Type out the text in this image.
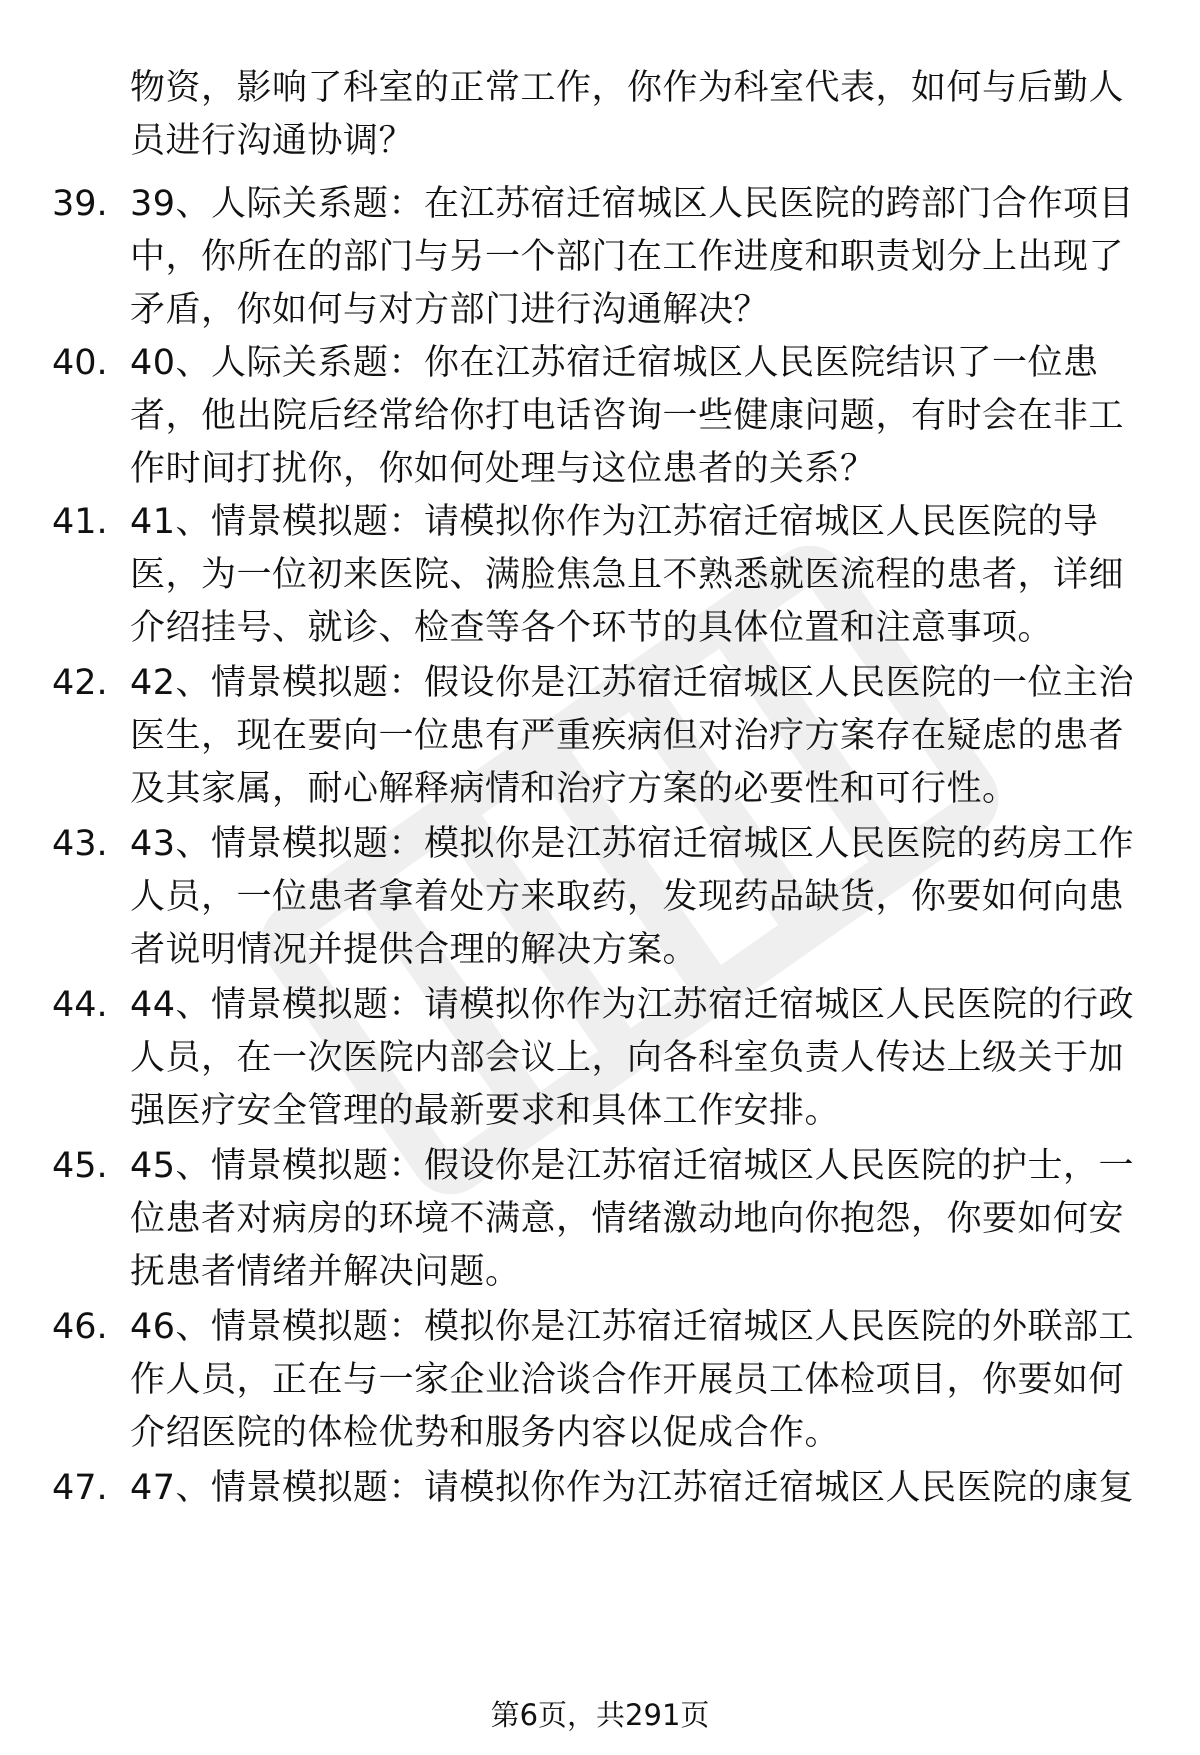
物资，影响了科室的正常工作，你作为科室代表，如何与后勤人员进行沟通协调？
39. 39、人际关系题：在江苏宿迁宿城区人民医院的跨部门合作项目中，你所在的部门与另一个部门在工作进度和职责划分上出现了矛盾，你如何与对方部门进行沟通解决？
40. 40、人际关系题：你在江苏宿迁宿城区人民医院结识了一位患者，他出院后经常给你打电话咨询一些健康问题，有时会在非工作时间打扰你，你如何处理与这位患者的关系？
41. 41、情景模拟题：请模拟你作为江苏宿迁宿城区人民医院的导医，为一位初来医院、满脸焦急且不熟悉就医流程的患者，详细介绍挂号、就诊、检查等各个环节的具体位置和注意事项。
42. 42、情景模拟题：假设你是江苏宿迁宿城区人民医院的一位主治医生，现在要向一位患有严重疾病但对治疗方案存在疑虑的患者及其家属，耐心解释病情和治疗方案的必要性和可行性。
43. 43、情景模拟题：模拟你是江苏宿迁宿城区人民医院的药房工作人员，一位患者拿着处方来取药，发现药品缺货，你要如何向患者说明情况并提供合理的解决方案。
44. 44、情景模拟题：请模拟你作为江苏宿迁宿城区人民医院的行政人员，在一次医院内部会议上，向各科室负责人传达上级关于加强医疗安全管理的最新要求和具体工作安排。
45. 45、情景模拟题：假设你是江苏宿迁宿城区人民医院的护士，一位患者对病房的环境不满意，情绪激动地向你抱怨，你要如何安抚患者情绪并解决问题。
46. 46、情景模拟题：模拟你是江苏宿迁宿城区人民医院的外联部工作人员，正在与一家企业洽谈合作开展员工体检项目，你要如何介绍医院的体检优势和服务内容以促成合作。
47. 47、情景模拟题：请模拟你作为江苏宿迁宿城区人民医院的康复
第6页，共291页
